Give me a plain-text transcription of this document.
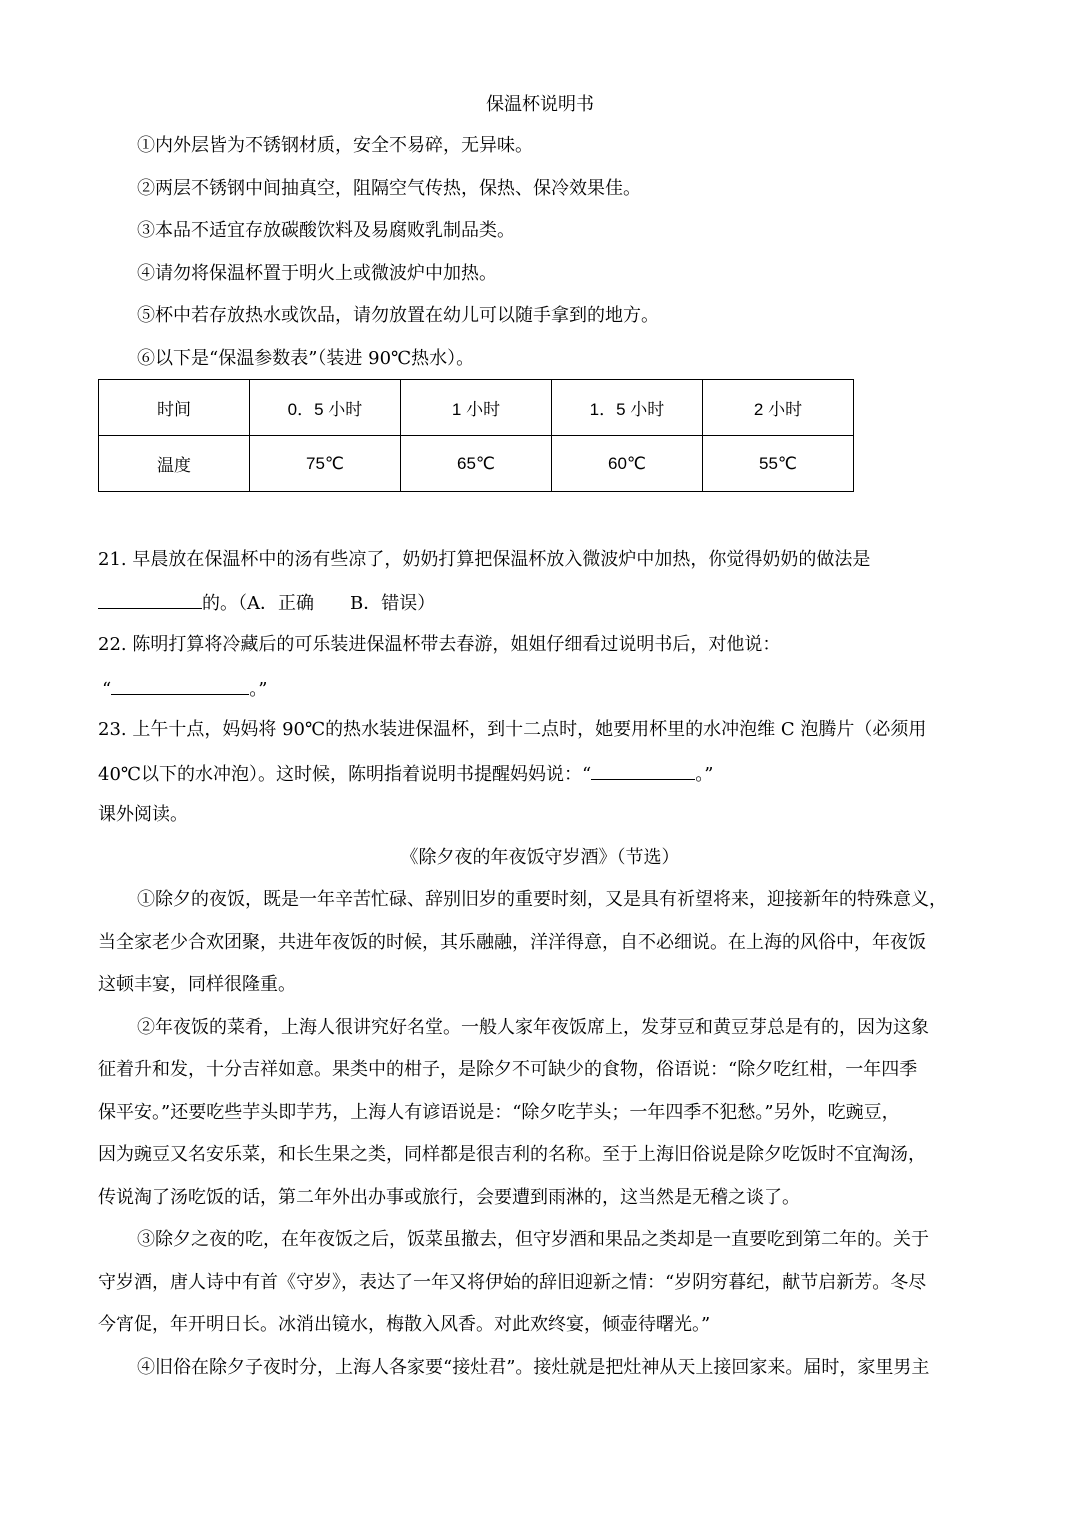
保温杯说明书
①内外层皆为不锈钢材质，安全不易碎，无异味。
②两层不锈钢中间抽真空，阻隔空气传热，保热、保冷效果佳。
③本品不适宜存放碳酸饮料及易腐败乳制品类。
④请勿将保温杯置于明火上或微波炉中加热。
⑤杯中若存放热水或饮品，请勿放置在幼儿可以随手拿到的地方。
⑥以下是“保温参数表”（装进 90℃热水）。
时间	0．5 小时	1 小时	1．5 小时	2 小时
温度	75℃	65℃	60℃	55℃
21. 早晨放在保温杯中的汤有些凉了，奶奶打算把保温杯放入微波炉中加热，你觉得奶奶的做法是
的。（A．正确　　B．错误）
22. 陈明打算将冷藏后的可乐装进保温杯带去春游，姐姐仔细看过说明书后，对他说：
“	。”
23. 上午十点，妈妈将 90℃的热水装进保温杯，到十二点时，她要用杯里的水冲泡维 C 泡腾片（必须用
40℃以下的水冲泡）。这时候，陈明指着说明书提醒妈妈说：“	。”
课外阅读。
《除夕夜的年夜饭守岁酒》（节选）
①除夕的夜饭，既是一年辛苦忙碌、辞别旧岁的重要时刻，又是具有祈望将来，迎接新年的特殊意义，
当全家老少合欢团聚，共进年夜饭的时候，其乐融融，洋洋得意，自不必细说。在上海的风俗中，年夜饭
这顿丰宴，同样很隆重。
②年夜饭的菜肴，上海人很讲究好名堂。一般人家年夜饭席上，发芽豆和黄豆芽总是有的，因为这象
征着升和发，十分吉祥如意。果类中的柑子，是除夕不可缺少的食物，俗语说：“除夕吃红柑，一年四季
保平安。”还要吃些芋头即芋艿，上海人有谚语说是：“除夕吃芋头；一年四季不犯愁。”另外，吃豌豆，
因为豌豆又名安乐菜，和长生果之类，同样都是很吉利的名称。至于上海旧俗说是除夕吃饭时不宜淘汤，
传说淘了汤吃饭的话，第二年外出办事或旅行，会要遭到雨淋的，这当然是无稽之谈了。
③除夕之夜的吃，在年夜饭之后，饭菜虽撤去，但守岁酒和果品之类却是一直要吃到第二年的。关于
守岁酒，唐人诗中有首《守岁》，表达了一年又将伊始的辞旧迎新之情：“岁阴穷暮纪，献节启新芳。冬尽
今宵促，年开明日长。冰消出镜水，梅散入风香。对此欢终宴，倾壶待曙光。”
④旧俗在除夕子夜时分，上海人各家要“接灶君”。接灶就是把灶神从天上接回家来。届时，家里男主
